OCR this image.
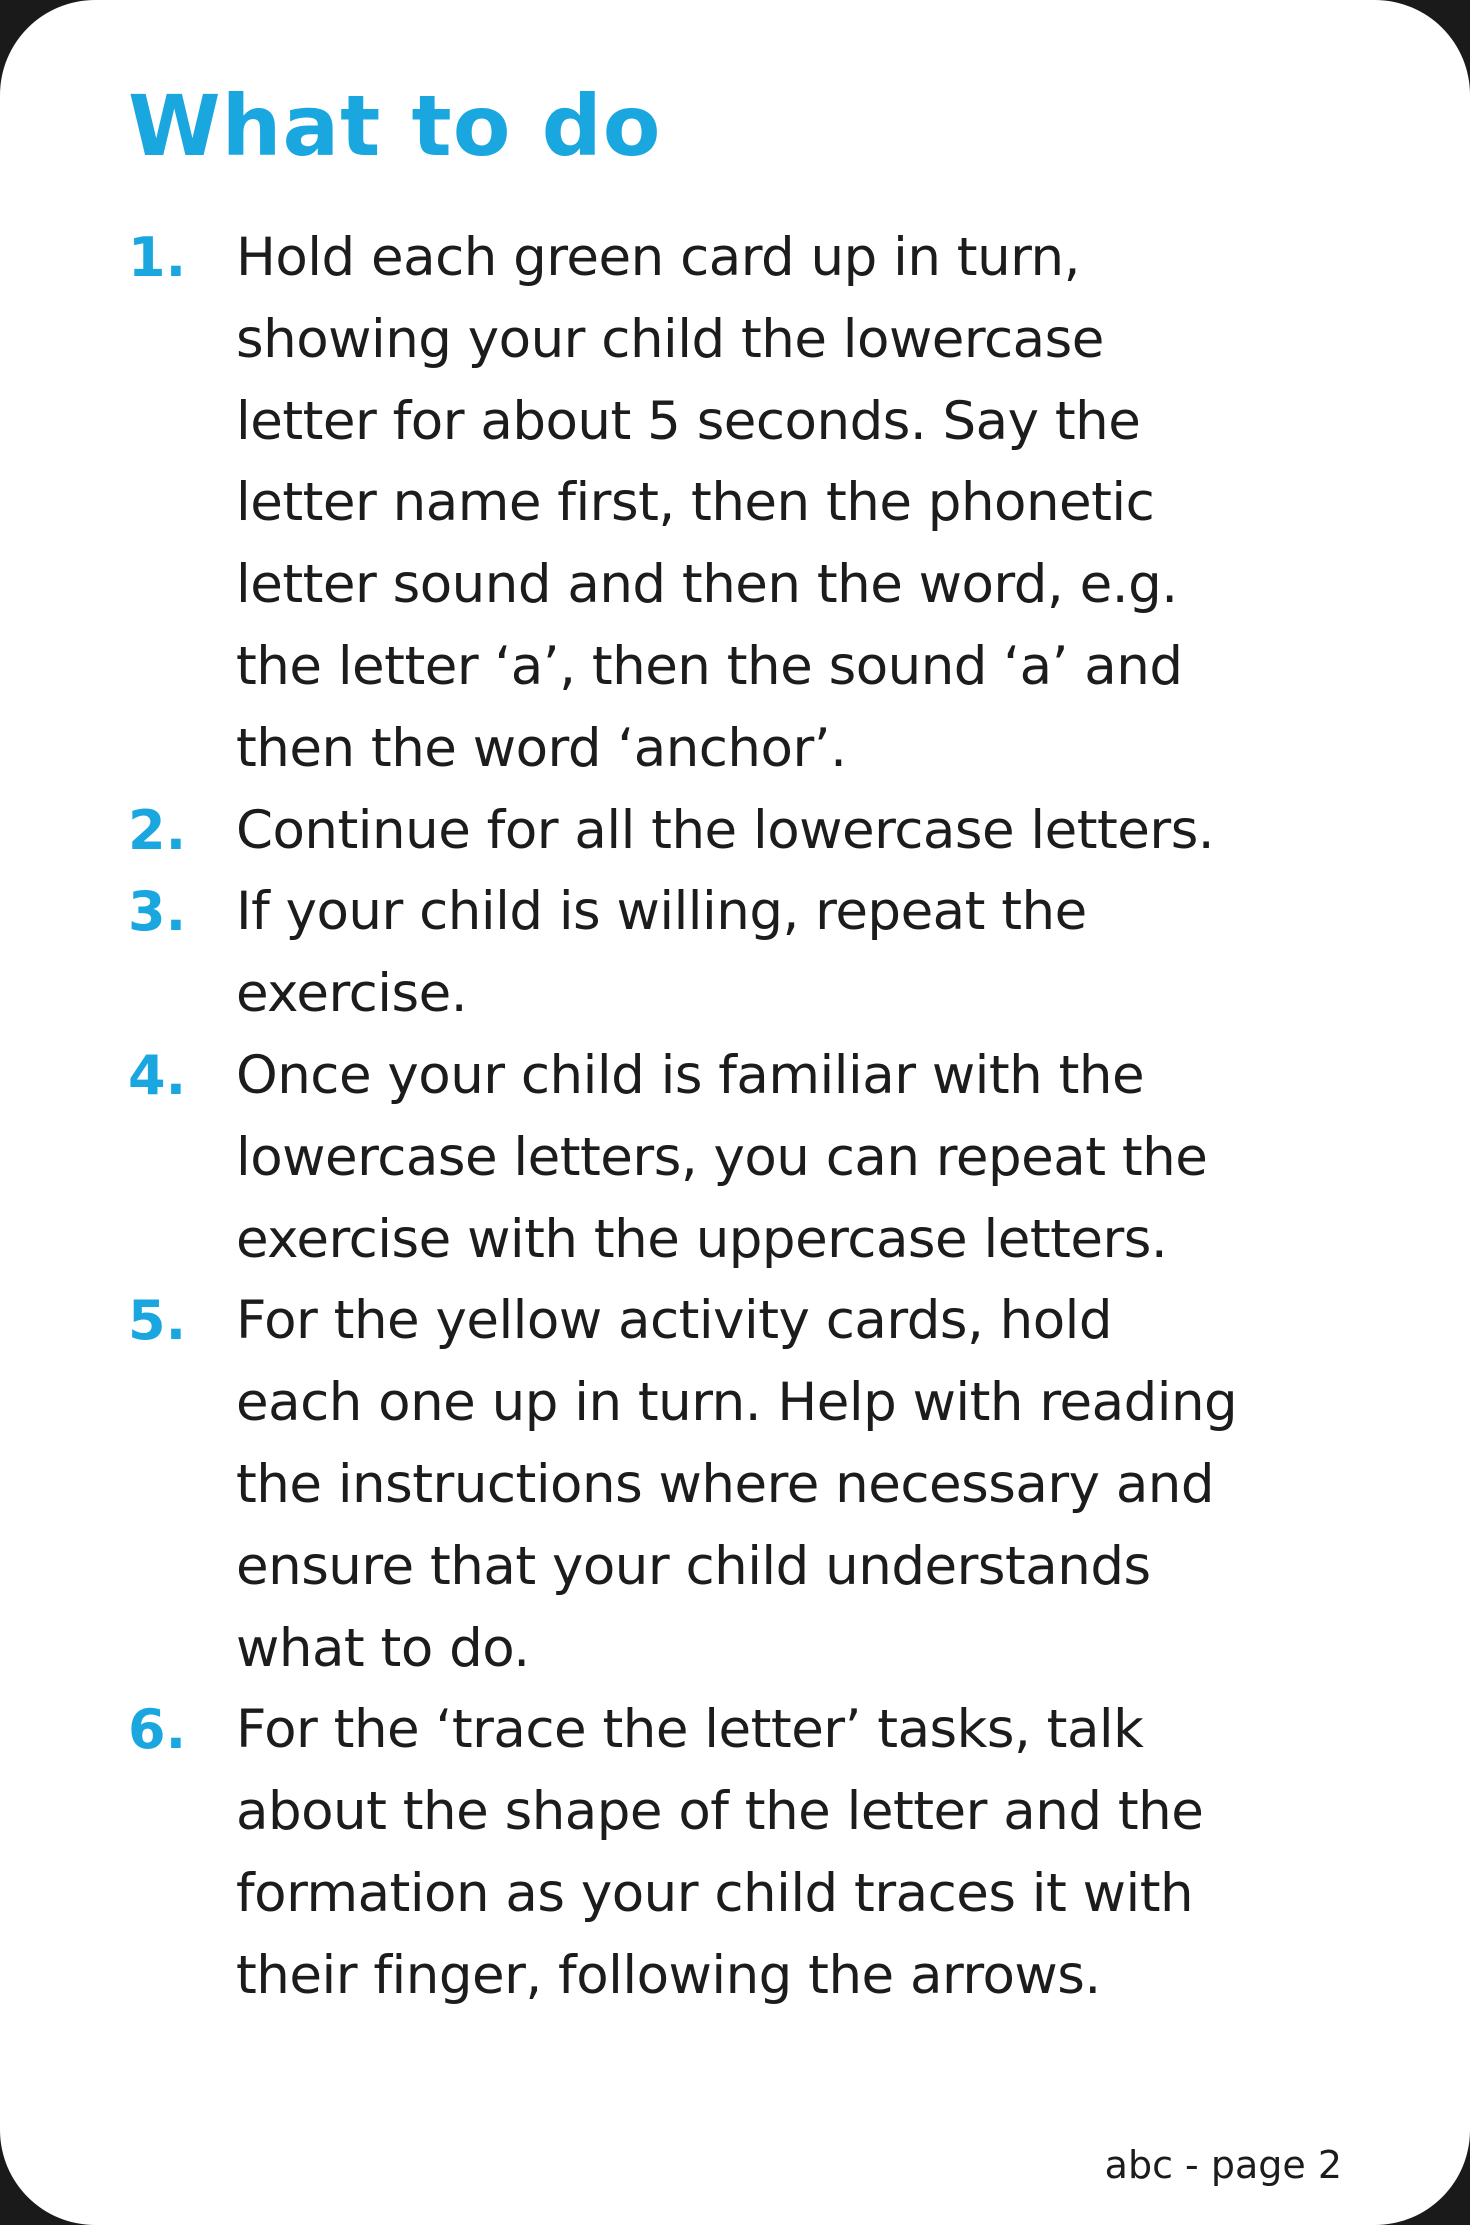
What to do
1. Hold each green card up in turn,
showing your child the lowercase
letter for about 5 seconds. Say the
letter name first, then the phonetic
letter sound and then the word, e.g.
the letter ‘a’, then the sound ‘a’ and
then the word ‘anchor’.
2. Continue for all the lowercase letters.
3. If your child is willing, repeat the
exercise.
4. Once your child is familiar with the
lowercase letters, you can repeat the
exercise with the uppercase letters.
5. For the yellow activity cards, hold
each one up in turn. Help with reading
the instructions where necessary and
ensure that your child understands
what to do.
6. For the ‘trace the letter’ tasks, talk
about the shape of the letter and the
formation as your child traces it with
their finger, following the arrows.
abc - page 2
